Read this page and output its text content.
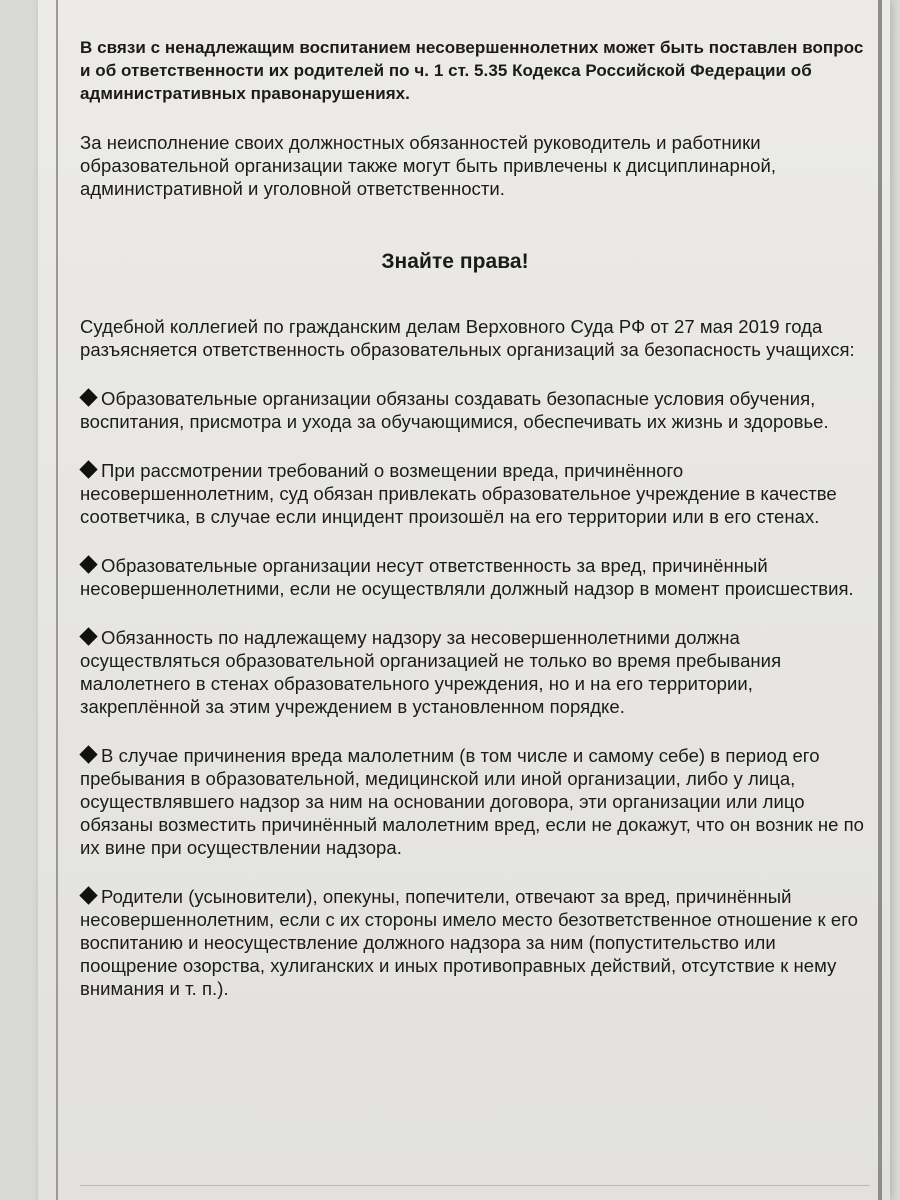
В связи с ненадлежащим воспитанием несовершеннолетних может быть поставлен вопрос и об ответственности их родителей по ч. 1 ст. 5.35 Кодекса Российской Федерации об административных правонарушениях.

За неисполнение своих должностных обязанностей руководитель и работники образовательной организации также могут быть привлечены к дисциплинарной, административной и уголовной ответственности.

Знайте права!

Судебной коллегией по гражданским делам Верховного Суда РФ от 27 мая 2019 года разъясняется ответственность образовательных организаций за безопасность учащихся:

Образовательные организации обязаны создавать безопасные условия обучения, воспитания, присмотра и ухода за обучающимися, обеспечивать их жизнь и здоровье.

При рассмотрении требований о возмещении вреда, причинённого несовершеннолетним, суд обязан привлекать образовательное учреждение в качестве соответчика, в случае если инцидент произошёл на его территории или в его стенах.

Образовательные организации несут ответственность за вред, причинённый несовершеннолетними, если не осуществляли должный надзор в момент происшествия.

Обязанность по надлежащему надзору за несовершеннолетними должна осуществляться образовательной организацией не только во время пребывания малолетнего в стенах образовательного учреждения, но и на его территории, закреплённой за этим учреждением в установленном порядке.

В случае причинения вреда малолетним (в том числе и самому себе) в период его пребывания в образовательной, медицинской или иной организации, либо у лица, осуществлявшего надзор за ним на основании договора, эти организации или лицо обязаны возместить причинённый малолетним вред, если не докажут, что он возник не по их вине при осуществлении надзора.

Родители (усыновители), опекуны, попечители, отвечают за вред, причинённый несовершеннолетним, если с их стороны имело место безответственное отношение к его воспитанию и неосуществление должного надзора за ним (попустительство или поощрение озорства, хулиганских и иных противоправных действий, отсутствие к нему внимания и т. п.).
